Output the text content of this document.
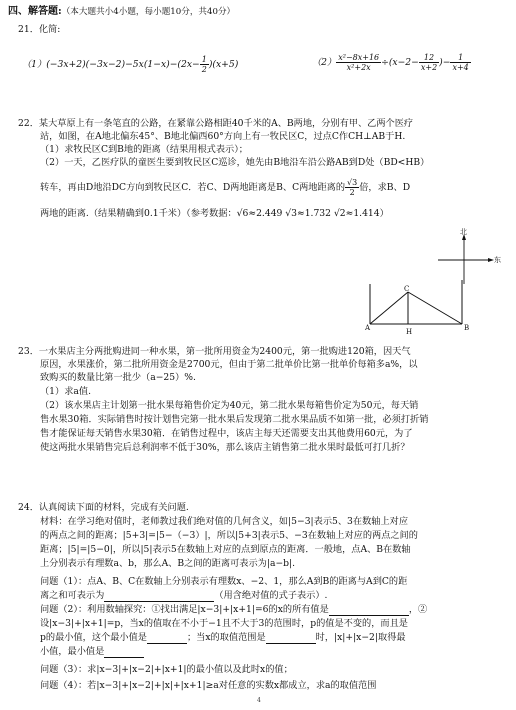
四、解答题:（本大题共小4小题，每小题10分，共40分）
21．化简:
$(1)(-3x+2)(-3x-2)-5x(1-x)-(2x- \frac{1}{2} )(x+5)$	$(2) \frac{\text{x²−8x+16}}{\text{x²+2x}} \div(x-2- \frac{12}{x+2}$ )− $\frac{1}{x+4}$
22．某大草原上有一条笔直的公路，在紧靠公路相距40千米的A、B两地，分别有甲、乙两个医疗
站，如图，在A地北偏东45°、B地北偏西60°方向上有一牧民区C，过点C作CH⊥AB于H.
（1）求牧民区C到B地的距离（结果用根式表示）；
（2）一天，乙医疗队的童医生要到牧民区C巡诊，她先由B地沿车沿公路AB到D处（BD<HB）
转车，再由D地沿DC方向到牧民区C．若C、D两地距离是B、C两地距离的 $\frac{√3}{2}$ 倍，求B、D
两地的距离.（结果精确到0.1千米）（参考数据：√6≈2.449 √3≈1.732 √2≈1.414）
北
东
A	B
C
H
23．一水果店主分两批购进同一种水果，第一批所用资金为2400元，第一批购进120箱，因天气
原因，水果涨价，第二批所用资金是2700元，但由于第二批单价比第一批单价每箱多a%，以
致购买的数量比第一批少（a−25）%.
（1）求a值.
（2）该水果店主计划第一批水果每箱售价定为40元，第二批水果每箱售价定为50元，每天销
售水果30箱．实际销售时按计划售完第一批水果后发现第二批水果品质不如第一批，必须打折销
售才能保证每天销售水果30箱．在销售过程中，该店主每天还需要支出其他费用60元，为了
使这两批水果销售完后总利润率不低于30%，那么该店主销售第二批水果时最低可打几折？
24．认真阅读下面的材料，完成有关问题.
材料：在学习绝对值时，老师教过我们绝对值的几何含义，如|5−3|表示5、3在数轴上对应
的两点之间的距离；|5+3|=|5−（−3）|，所以|5+3|表示5、−3在数轴上对应的两点之间的
距离；|5|=|5−0|，所以|5|表示5在数轴上对应的点到原点的距离．一般地，点A、B在数轴
上分别表示有理数a、b，那么A、B之间的距离可表示为|a−b|.
问题（1）：点A、B、C在数轴上分别表示有理数x、−2、1，那么A到B的距离与A到C的距
离之和可表示为	（用含绝对值的式子表示）.
问题（2）：利用数轴探究：①找出满足|x−3|+|x+1|=6的x的所有值是	，②
设|x−3|+|x+1|=p，当x的值取在不小于−1且不大于3的范围时，p的值是不变的，而且是
p的最小值，这个最小值是	；当x的取值范围是	时，|x|+|x−2|取得最
小值，最小值是
问题（3）：求|x−3|+|x−2|+|x+1|的最小值以及此时x的值；
问题（4）：若|x−3|+|x−2|+|x|+|x+1|≥a对任意的实数x都成立，求a的取值范围
4
